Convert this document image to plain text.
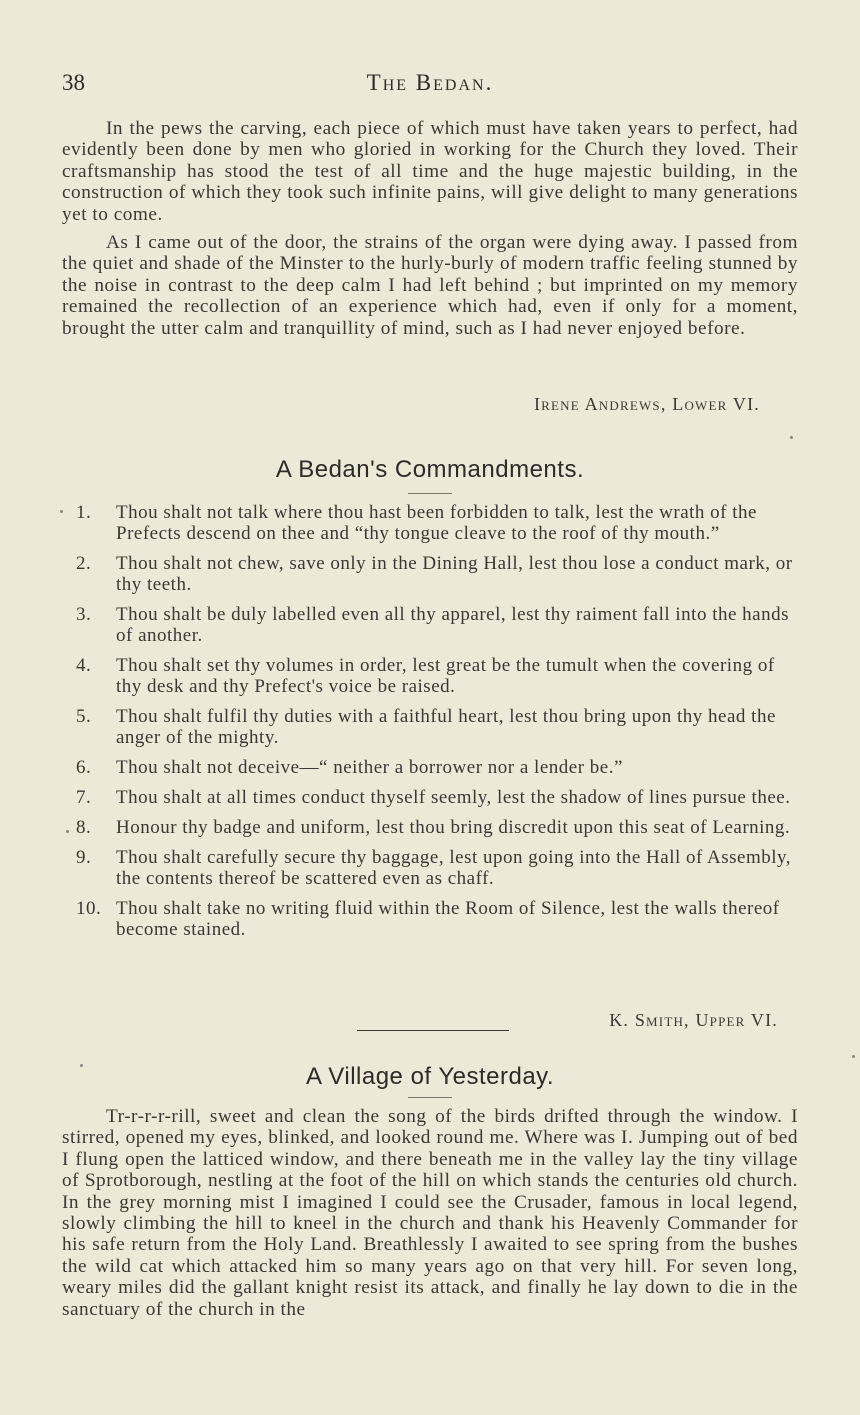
38	The Bedan.

In the pews the carving, each piece of which must have taken years to perfect, had evidently been done by men who gloried in working for the Church they loved. Their craftsmanship has stood the test of all time and the huge majestic building, in the construction of which they took such infinite pains, will give delight to many generations yet to come.

As I came out of the door, the strains of the organ were dying away. I passed from the quiet and shade of the Minster to the hurly-burly of modern traffic feeling stunned by the noise in contrast to the deep calm I had left behind ; but imprinted on my memory remained the recollection of an experience which had, even if only for a moment, brought the utter calm and tranquillity of mind, such as I had never enjoyed before.

Irene Andrews, Lower VI.
A Bedan's Commandments.
1.	Thou shalt not talk where thou hast been forbidden to talk, lest the wrath of the Prefects descend on thee and “thy tongue cleave to the roof of thy mouth.”
2.	Thou shalt not chew, save only in the Dining Hall, lest thou lose a conduct mark, or thy teeth.
3.	Thou shalt be duly labelled even all thy apparel, lest thy raiment fall into the hands of another.
4.	Thou shalt set thy volumes in order, lest great be the tumult when the covering of thy desk and thy Prefect's voice be raised.
5.	Thou shalt fulfil thy duties with a faithful heart, lest thou bring upon thy head the anger of the mighty.
6.	Thou shalt not deceive—“ neither a borrower nor a lender be.”
7.	Thou shalt at all times conduct thyself seemly, lest the shadow of lines pursue thee.
8.	Honour thy badge and uniform, lest thou bring discredit upon this seat of Learning.
9.	Thou shalt carefully secure thy baggage, lest upon going into the Hall of Assembly, the contents thereof be scattered even as chaff.
10. Thou shalt take no writing fluid within the Room of Silence, lest the walls thereof become stained.
K. Smith, Upper VI.
A Village of Yesterday.

Tr-r-r-r-rill, sweet and clean the song of the birds drifted through the window. I stirred, opened my eyes, blinked, and looked round me. Where was I. Jumping out of bed I flung open the latticed window, and there beneath me in the valley lay the tiny village of Sprotborough, nestling at the foot of the hill on which stands the centuries old church. In the grey morning mist I imagined I could see the Crusader, famous in local legend, slowly climbing the hill to kneel in the church and thank his Heavenly Commander for his safe return from the Holy Land. Breathlessly I awaited to see spring from the bushes the wild cat which attacked him so many years ago on that very hill. For seven long, weary miles did the gallant knight resist its attack, and finally he lay down to die in the sanctuary of the church in the
